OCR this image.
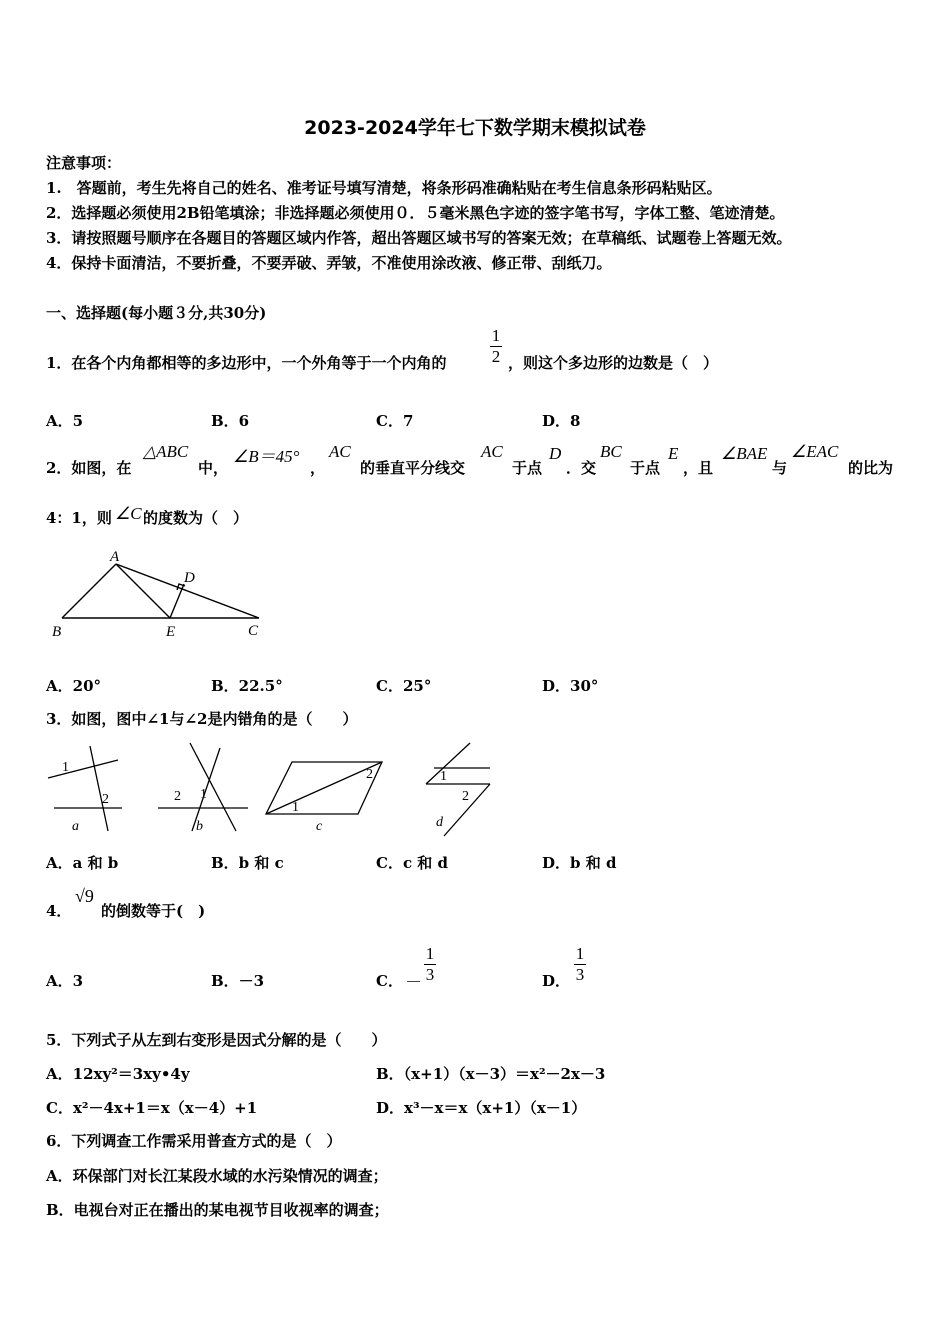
2023-2024学年七下数学期末模拟试卷
注意事项：
1.　答题前，考生先将自己的姓名、准考证号填写清楚，将条形码准确粘贴在考生信息条形码粘贴区。
2．选择题必须使用2B铅笔填涂；非选择题必须使用０．５毫米黑色字迹的签字笔书写，字体工整、笔迹清楚。
3．请按照题号顺序在各题目的答题区域内作答，超出答题区域书写的答案无效；在草稿纸、试题卷上答题无效。
4．保持卡面清洁，不要折叠，不要弄破、弄皱，不准使用涂改液、修正带、刮纸刀。
一、选择题(每小题３分,共30分)
1．在各个内角都相等的多边形中，一个外角等于一个内角的
1
2 ，则这个多边形的边数是（　）
A．5	B．6	C．7	D．8
2．如图，在
△ABC
中，
∠B＝45°
，
AC
的垂直平分线交
AC
于点
D
．交
BC
于点
E
，且
∠BAE
与
∠EAC
的比为
4：1，则 ∠C 的度数为（　）
A
D
B	E	C
A．20°	B．22.5°	C．25°	D．30°
3．如图，图中∠1与∠2是内错角的是（　　）
1
2
a
2 1
b
1
2
c
1
2
d
A．a 和 b	B．b 和 c	C．c 和 d	D．b 和 d
4．
√9
的倒数等于(　)
A．3	B．－3	C． －
1
3	D．
1
3
5．下列式子从左到右变形是因式分解的是（　　）
A．12xy²＝3xy•4y	B．（x+1）（x－3）＝x²－2x－3
C．x²－4x+1＝x（x－4）+1	D．x³－x＝x（x+1）（x－1）
6．下列调查工作需采用普查方式的是（　）
A．环保部门对长江某段水域的水污染情况的调查；
B．电视台对正在播出的某电视节目收视率的调查；
